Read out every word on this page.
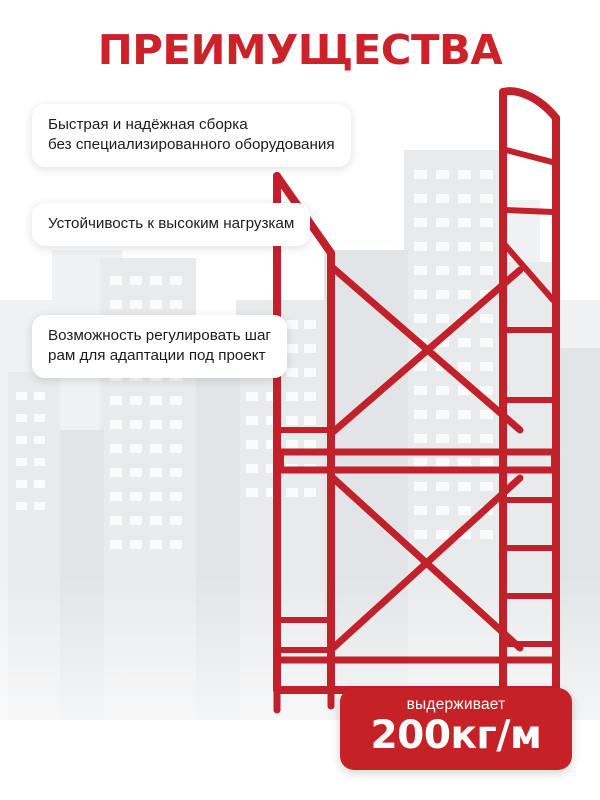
ПРЕИМУЩЕСТВА
Быстрая и надёжная сборка
без специализированного оборудования
Устойчивость к высоким нагрузкам
Возможность регулировать шаг
рам для адаптации под проект
выдерживает
200кг/м
